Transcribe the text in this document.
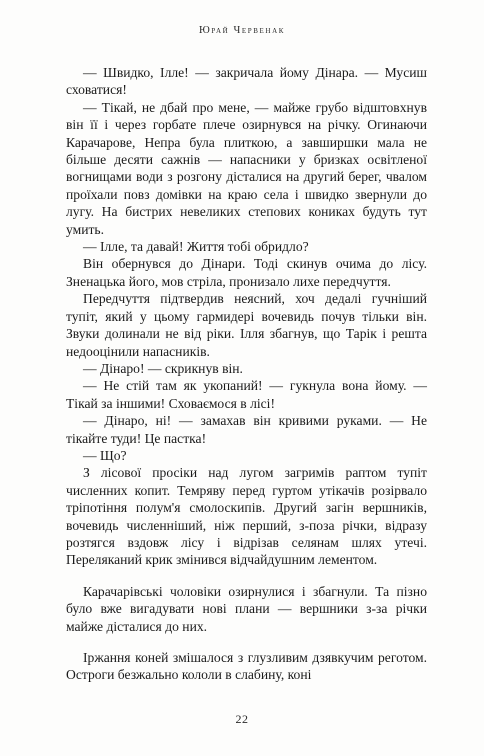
Юрай Червенак

— Швидко, Ілле! — закричала йому Дінара. — Мусиш сховатися!

— Тікай, не дбай про мене, — майже грубо відштовхнув він її і через горбате плече озирнувся на річку. Огинаючи Карачарове, Непра була плиткою, а завширшки мала не більше десяти сажнів — напасники у бризках освітленої вогнищами води з розгону дісталися на другий берег, чвалом проїхали повз домівки на краю села і швидко звернули до лугу. На бистрих невеликих степових кониках будуть тут умить.

— Ілле, та давай! Життя тобі обридло?

Він обернувся до Дінари. Тоді скинув очима до лісу. Зненацька його, мов стріла, пронизало лихе передчуття.

Передчуття підтвердив неясний, хоч дедалі гучніший тупіт, який у цьому гармидері вочевидь почув тільки він. Звуки долинали не від ріки. Ілля збагнув, що Тарік і решта недооцінили напасників.

— Дінаро! — скрикнув він.

— Не стій там як укопаний! — гукнула вона йому. — Тікай за іншими! Сховаємося в лісі!

— Дінаро, ні! — замахав він кривими руками. — Не тікайте туди! Це пастка!

— Що?

З лісової просіки над лугом загримів раптом тупіт численних копит. Темряву перед гуртом утікачів розірвало тріпотіння полум'я смолоскипів. Другий загін вершників, вочевидь численніший, ніж перший, з-поза річки, відразу розтягся вздовж лісу і відрізав селянам шлях утечі. Переляканий крик змінився відчайдушним лементом.

Карачарівські чоловіки озирнулися і збагнули. Та пізно було вже вигадувати нові плани — вершники з-за річки майже дісталися до них.

Іржання коней змішалося з глузливим дзявкучим реготом. Остроги безжально кололи в слабину, коні

22
